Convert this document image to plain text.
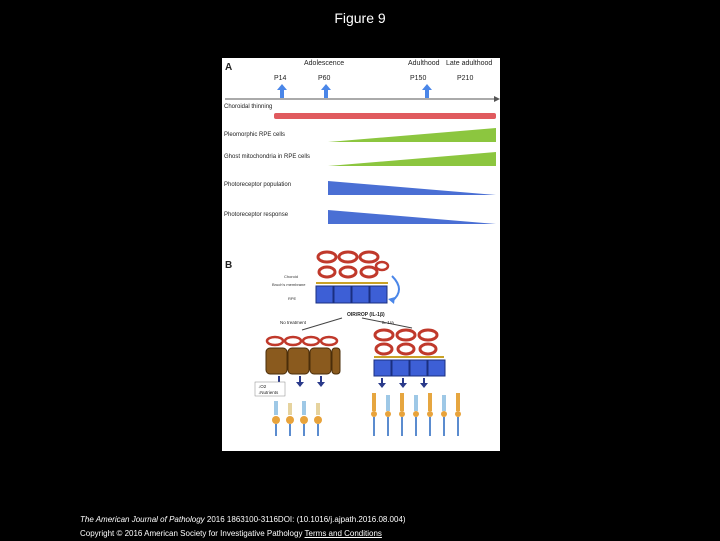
Figure 9
A	Adolescence	Adulthood Late adulthood
P14	P60	P150	P210
Choroidal thinning
Pleomorphic RPE cells
Ghost mitochondria in RPE cells
Photoreceptor population
Photoreceptor response
B
Choroid
Bruch's membrane
RPE
OIR/ROP (IL-1β)
No treatment	IL-1ra
↓O2
↓Nutrients
The American Journal of Pathology 2016 1863100-3116DOI: (10.1016/j.ajpath.2016.08.004)
Copyright © 2016 American Society for Investigative Pathology Terms and Conditions
